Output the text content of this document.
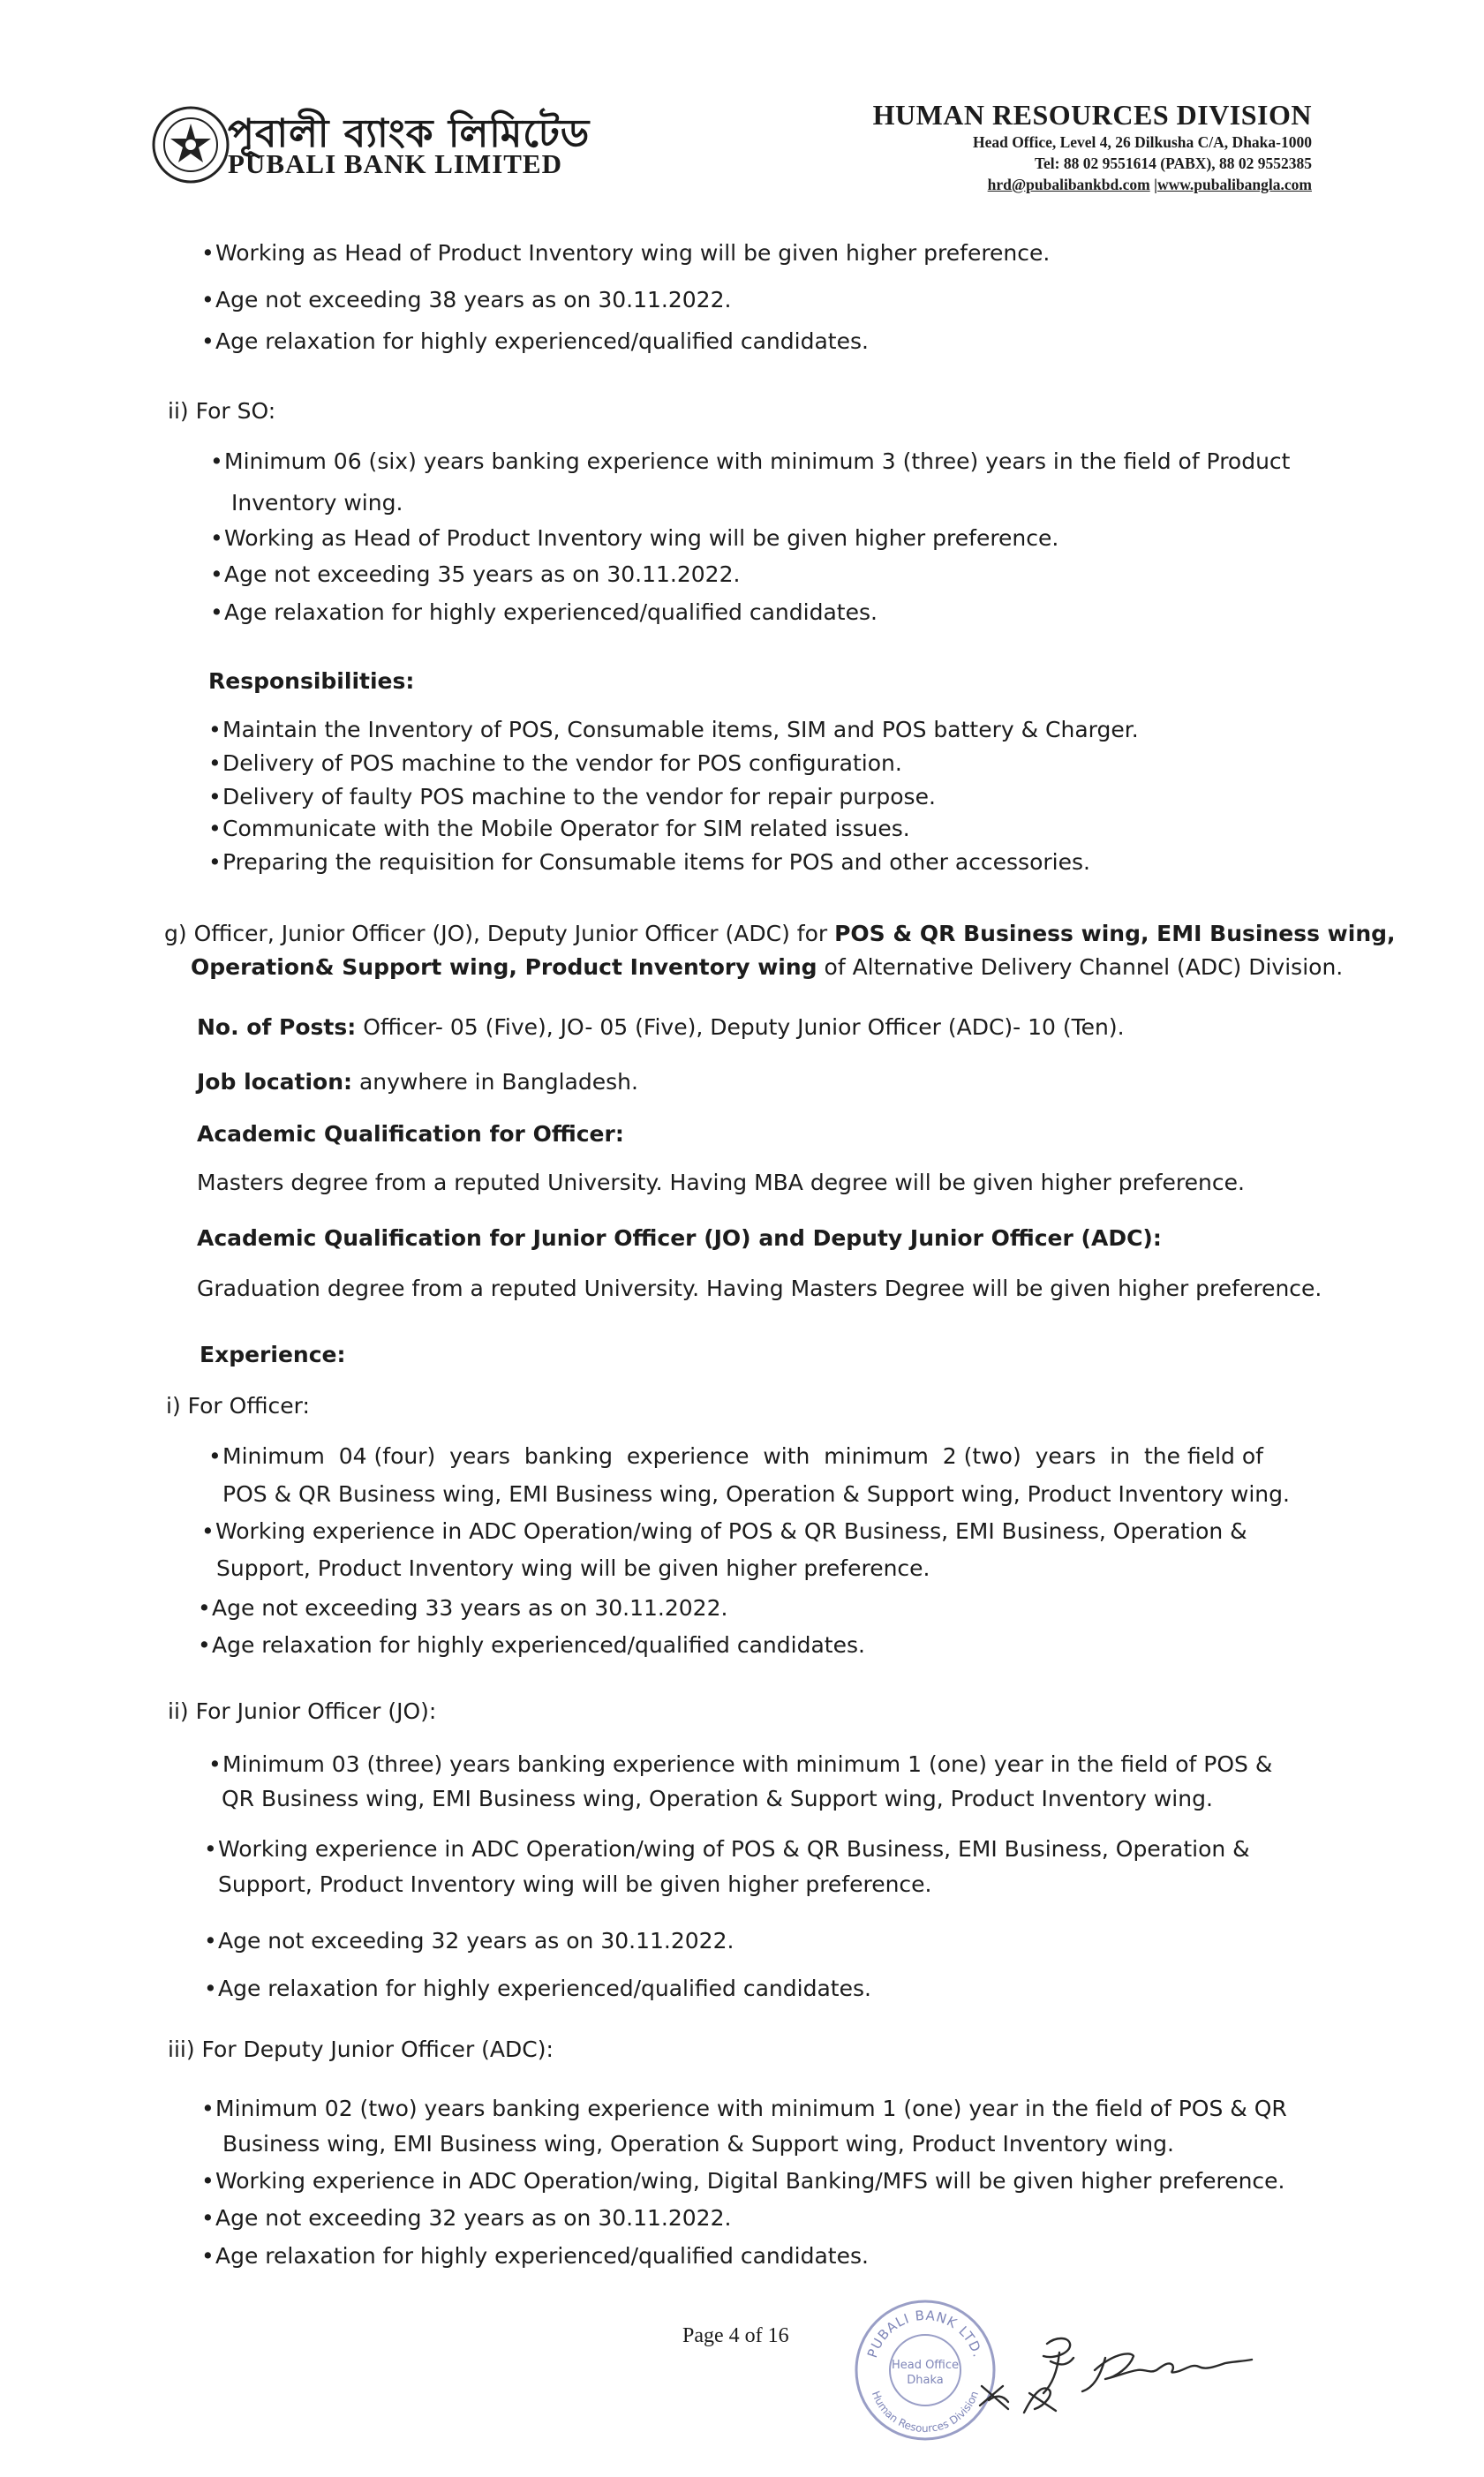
পূবালী ব্যাংক লিমিটেড
PUBALI BANK LIMITED
HUMAN RESOURCES DIVISION
Head Office, Level 4, 26 Dilkusha C/A, Dhaka-1000
Tel: 88 02 9551614 (PABX), 88 02 9552385
hrd@pubalibankbd.com |www.pubalibangla.com
•Working as Head of Product Inventory wing will be given higher preference.
•Age not exceeding 38 years as on 30.11.2022.
•Age relaxation for highly experienced/qualified candidates.
ii) For SO:
•Minimum 06 (six) years banking experience with minimum 3 (three) years in the field of Product
Inventory wing.
•Working as Head of Product Inventory wing will be given higher preference.
•Age not exceeding 35 years as on 30.11.2022.
•Age relaxation for highly experienced/qualified candidates.
Responsibilities:
•Maintain the Inventory of POS, Consumable items, SIM and POS battery & Charger.
•Delivery of POS machine to the vendor for POS configuration.
•Delivery of faulty POS machine to the vendor for repair purpose.
•Communicate with the Mobile Operator for SIM related issues.
•Preparing the requisition for Consumable items for POS and other accessories.
g) Officer, Junior Officer (JO), Deputy Junior Officer (ADC) for POS & QR Business wing, EMI Business wing,
Operation& Support wing, Product Inventory wing of Alternative Delivery Channel (ADC) Division.
No. of Posts: Officer- 05 (Five), JO- 05 (Five), Deputy Junior Officer (ADC)- 10 (Ten).
Job location: anywhere in Bangladesh.
Academic Qualification for Officer:
Masters degree from a reputed University. Having MBA degree will be given higher preference.
Academic Qualification for Junior Officer (JO) and Deputy Junior Officer (ADC):
Graduation degree from a reputed University. Having Masters Degree will be given higher preference.
Experience:
i) For Officer:
•Minimum  04 (four)  years  banking  experience  with  minimum  2 (two)  years  in  the field of
POS & QR Business wing, EMI Business wing, Operation & Support wing, Product Inventory wing.
•Working experience in ADC Operation/wing of POS & QR Business, EMI Business, Operation &
Support, Product Inventory wing will be given higher preference.
•Age not exceeding 33 years as on 30.11.2022.
•Age relaxation for highly experienced/qualified candidates.
ii) For Junior Officer (JO):
•Minimum 03 (three) years banking experience with minimum 1 (one) year in the field of POS &
QR Business wing, EMI Business wing, Operation & Support wing, Product Inventory wing.
•Working experience in ADC Operation/wing of POS & QR Business, EMI Business, Operation &
Support, Product Inventory wing will be given higher preference.
•Age not exceeding 32 years as on 30.11.2022.
•Age relaxation for highly experienced/qualified candidates.
iii) For Deputy Junior Officer (ADC):
•Minimum 02 (two) years banking experience with minimum 1 (one) year in the field of POS & QR
Business wing, EMI Business wing, Operation & Support wing, Product Inventory wing.
•Working experience in ADC Operation/wing, Digital Banking/MFS will be given higher preference.
•Age not exceeding 32 years as on 30.11.2022.
•Age relaxation for highly experienced/qualified candidates.
Page 4 of 16
PUBALI BANK LTD.
Human Resources Division
Head Office
Dhaka
